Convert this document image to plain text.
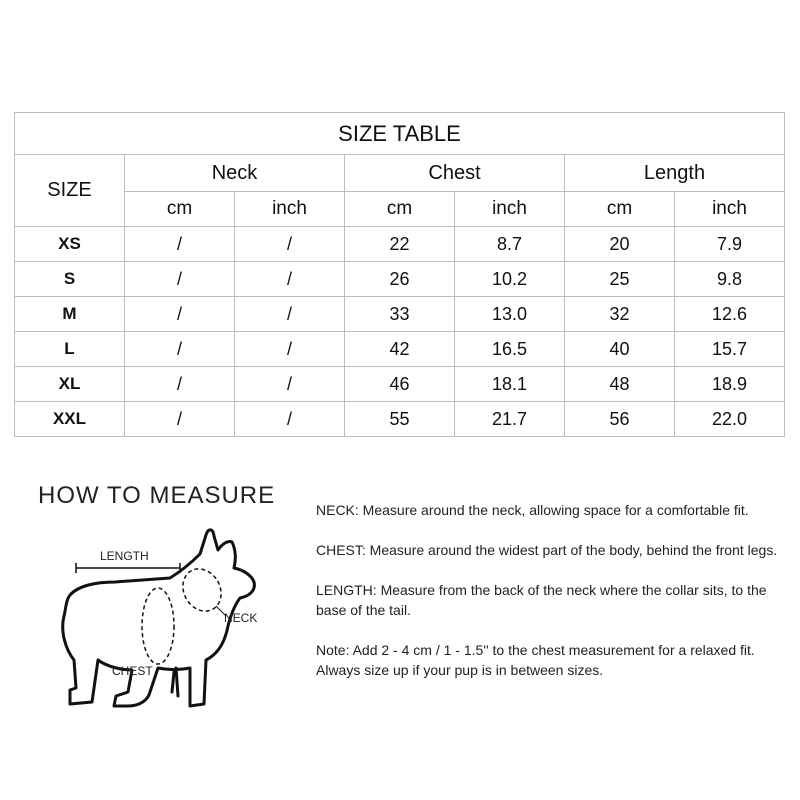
SIZE TABLE						
SIZE	Neck		Chest		Length	
	cm	inch	cm	inch	cm	inch
XS	/	/	22	8.7	20	7.9
S	/	/	26	10.2	25	9.8
M	/	/	33	13.0	32	12.6
L	/	/	42	16.5	40	15.7
XL	/	/	46	18.1	48	18.9
XXL	/	/	55	21.7	56	22.0
HOW TO MEASURE
LENGTH
NECK
CHEST

NECK: Measure around the neck, allowing space for a comfortable fit.

CHEST: Measure around the widest part of the body, behind the front legs.

LENGTH: Measure from the back of the neck where the collar sits, to the base of the tail.

Note: Add 2 - 4 cm / 1 - 1.5'' to the chest measurement for a relaxed fit. Always size up if your pup is in between sizes.
